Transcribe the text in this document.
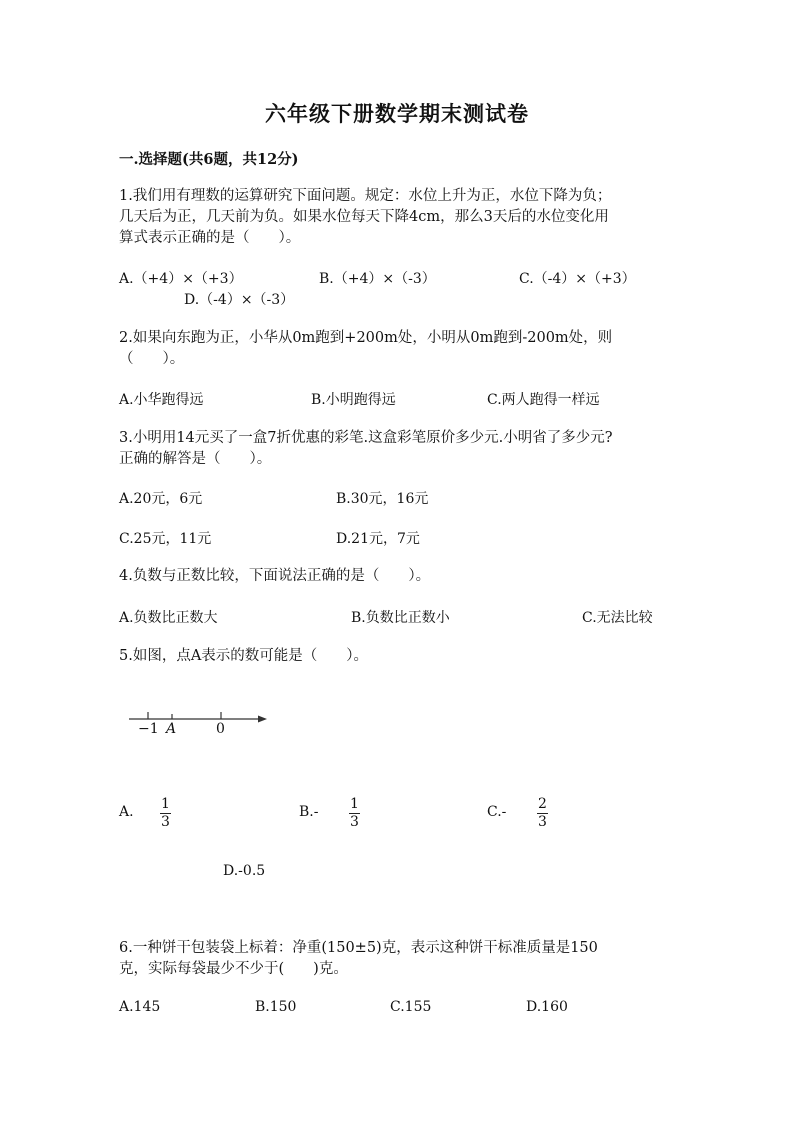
六年级下册数学期末测试卷
一.选择题(共6题，共12分)
1.我们用有理数的运算研究下面问题。规定：水位上升为正，水位下降为负；
几天后为正，几天前为负。如果水位每天下降4cm，那么3天后的水位变化用
算式表示正确的是（　　）。
A.（+4）×（+3）	B.（+4）×（-3）	C.（-4）×（+3）
D.（-4）×（-3）
2.如果向东跑为正，小华从0m跑到+200m处，小明从0m跑到-200m处，则
（　　）。
A.小华跑得远	B.小明跑得远	C.两人跑得一样远
3.小明用14元买了一盒7折优惠的彩笔.这盒彩笔原价多少元.小明省了多少元?
正确的解答是（　　）。
A.20元，6元	B.30元，16元
C.25元，11元	D.21元，7元
4.负数与正数比较，下面说法正确的是（　　）。
A.负数比正数大	B.负数比正数小	C.无法比较
5.如图，点A表示的数可能是（　　）。
−1 A	0
A. 1
3
B.- 1
3
C.- 2
3
D.-0.5
6.一种饼干包装袋上标着：净重(150±5)克，表示这种饼干标准质量是150
克，实际每袋最少不少于(　　)克。
A.145	B.150	C.155	D.160
